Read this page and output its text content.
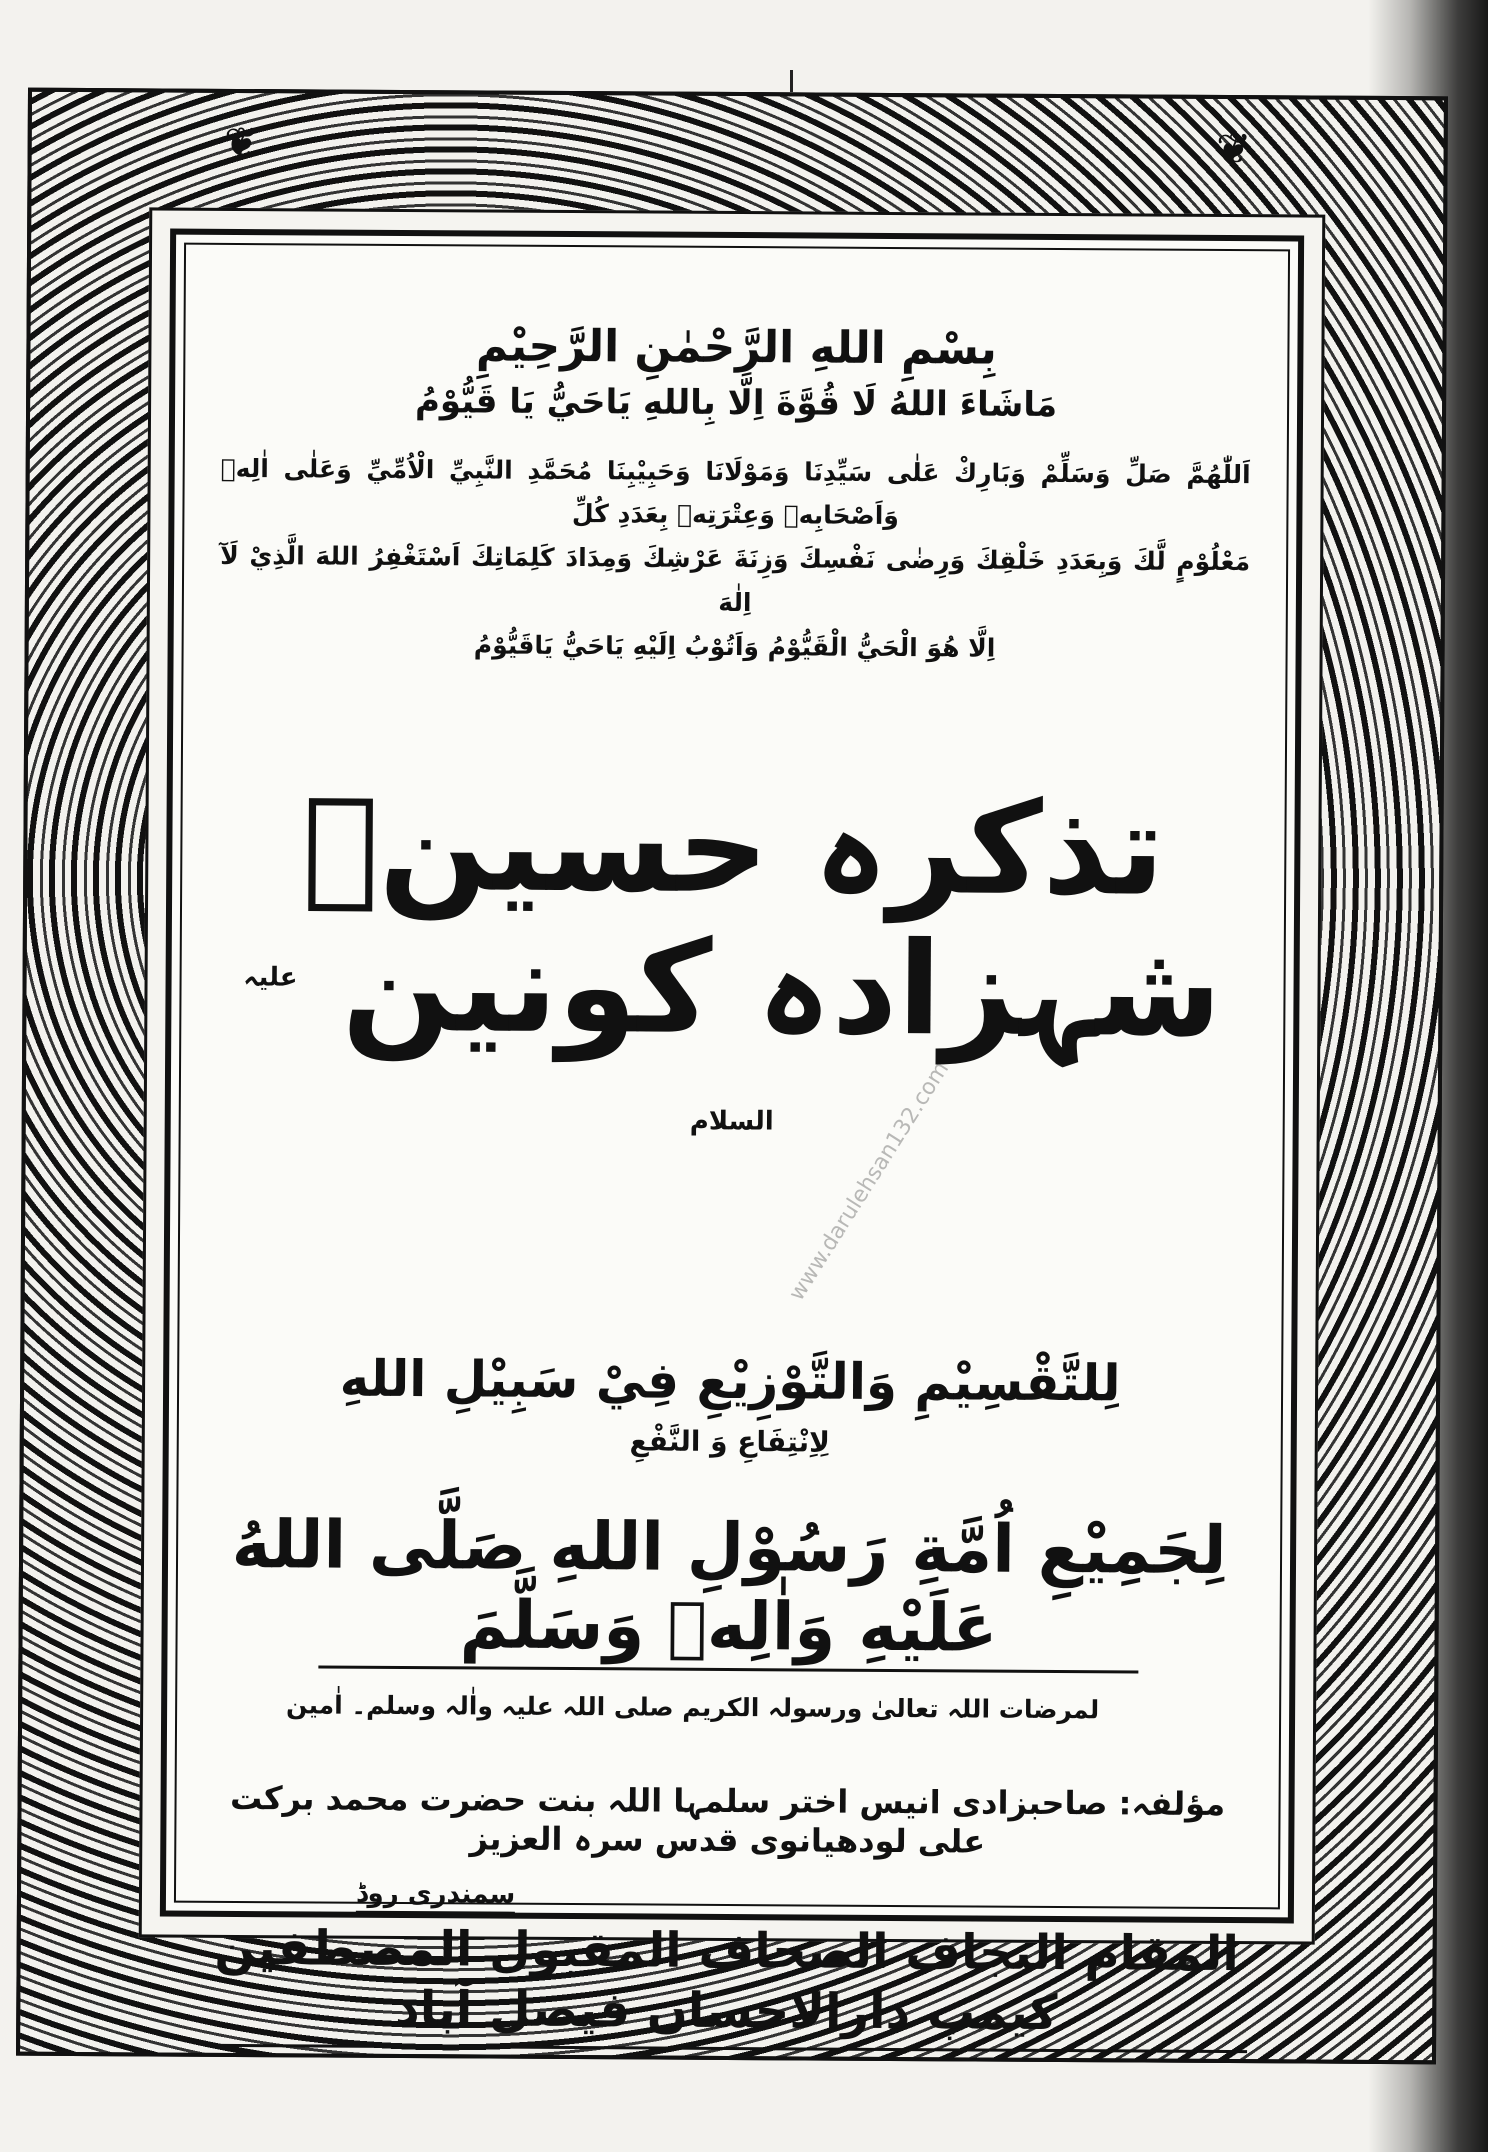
❦	❦
www.darulehsan132.com
بِسْمِ اللهِ الرَّحْمٰنِ الرَّحِيْمِ
مَاشَاءَ اللهُ لَا قُوَّةَ اِلَّا بِاللهِ يَاحَيُّ يَا قَيُّوْمُ
اَللّٰهُمَّ صَلِّ وَسَلِّمْ وَبَارِكْ عَلٰى سَيِّدِنَا وَمَوْلَانَا وَحَبِيْبِنَا مُحَمَّدِ النَّبِيِّ الْاُمِّيِّ وَعَلٰى اٰلِهٖ وَاَصْحَابِهٖ وَعِتْرَتِهٖ بِعَدَدِ كُلِّ
مَعْلُوْمٍ لَّكَ وَبِعَدَدِ خَلْقِكَ وَرِضٰى نَفْسِكَ وَزِنَةَ عَرْشِكَ وَمِدَادَ كَلِمَاتِكَ اَسْتَغْفِرُ اللهَ الَّذِيْ لَآ اِلٰهَ
اِلَّا هُوَ الْحَيُّ الْقَيُّوْمُ وَاَتُوْبُ اِلَيْهِ يَاحَيُّ يَاقَيُّوْمُ
تذکرہ حسینؑ شہزادہ کونین $^{علیہ السلام}$
لِلتَّقْسِيْمِ وَالتَّوْزِيْعِ فِيْ سَبِيْلِ اللهِ
لِاِنْتِفَاعِ وَ النَّفْعِ
لِجَمِيْعِ اُمَّةِ رَسُوْلِ اللهِ صَلَّى اللهُ عَلَيْهِ وَاٰلِهٖ وَسَلَّمَ
لمرضات اللہ تعالیٰ ورسولہ الکریم صلی اللہ علیہ واٰلہ وسلم۔ اٰمین
مؤلفہ: صاحبزادی انیس اختر سلمہا اللہ بنت حضرت محمد برکت علی لودھیانوی قدس سرہ العزیز
سمندری روڈ
المقام النجاف الصحاف المقبول المصطفین کیمپ دارالاحسان فیصل آباد
